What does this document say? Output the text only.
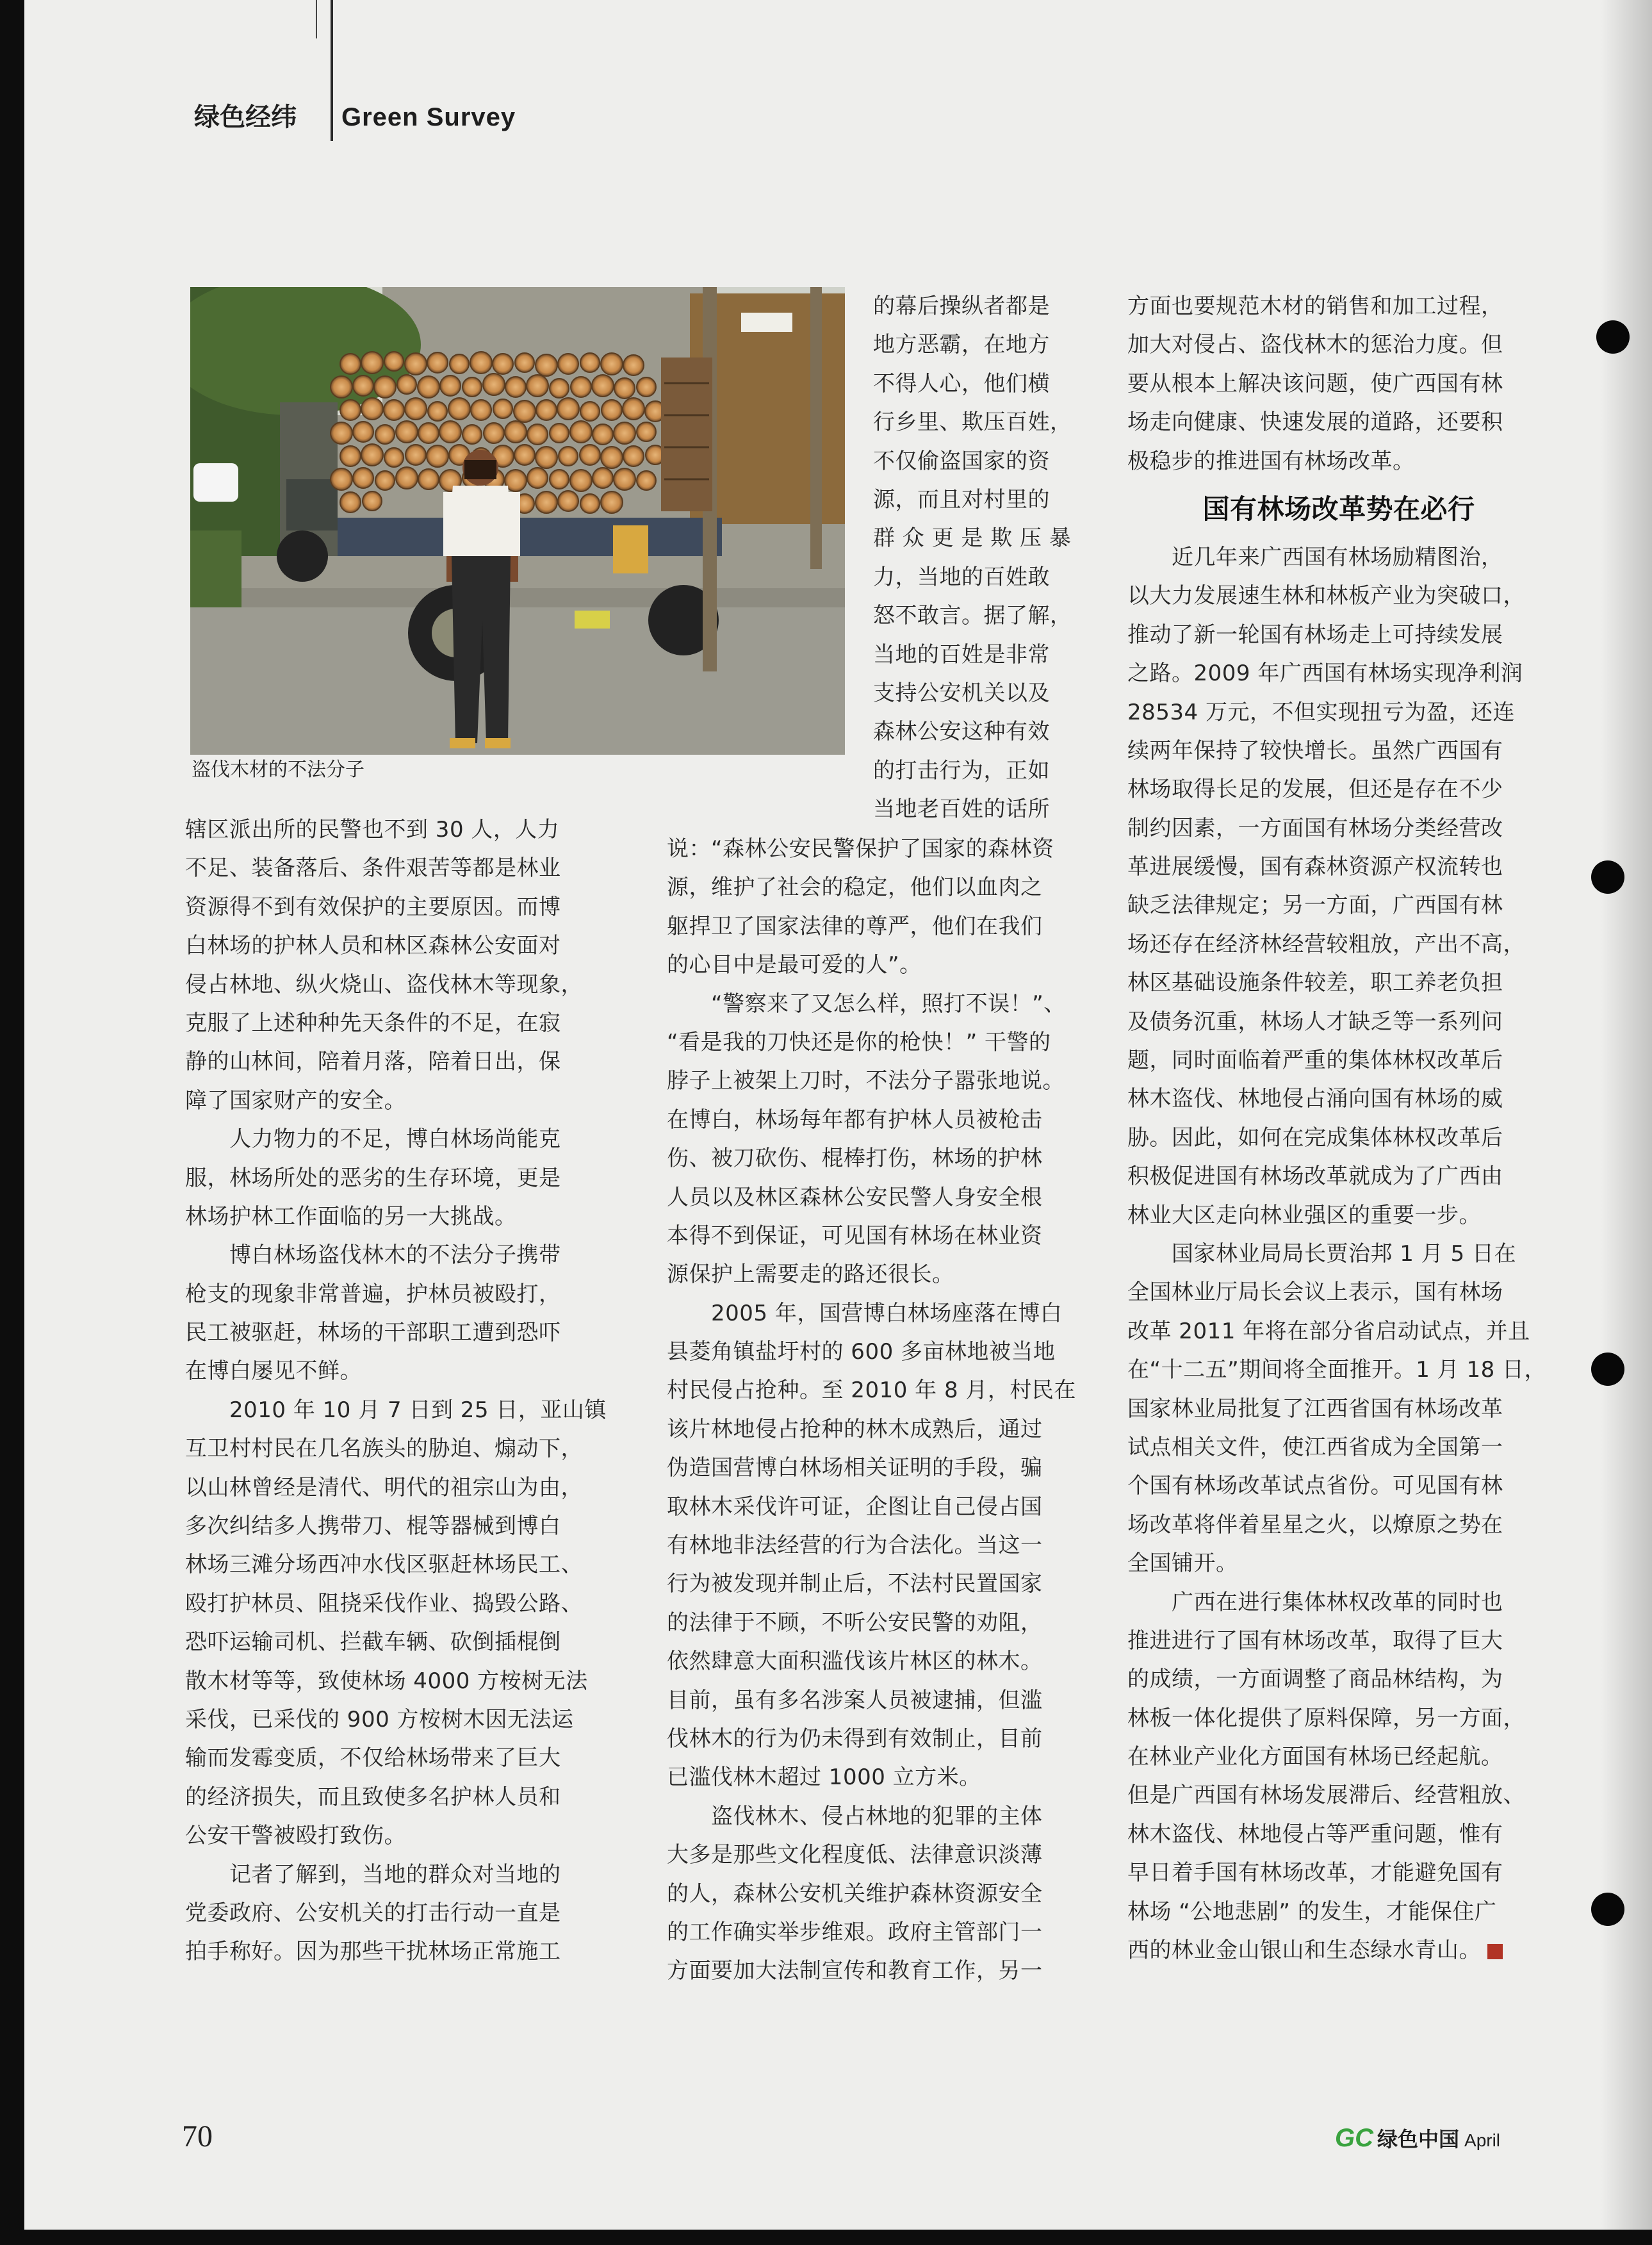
绿色经纬 Green Survey
盗伐木材的不法分子
辖区派出所的民警也不到 30 人，人力
不足、装备落后、条件艰苦等都是林业
资源得不到有效保护的主要原因。而博
白林场的护林人员和林区森林公安面对
侵占林地、纵火烧山、盗伐林木等现象，
克服了上述种种先天条件的不足，在寂
静的山林间，陪着月落，陪着日出，保
障了国家财产的安全。
　　人力物力的不足，博白林场尚能克
服，林场所处的恶劣的生存环境，更是
林场护林工作面临的另一大挑战。
　　博白林场盗伐林木的不法分子携带
枪支的现象非常普遍，护林员被殴打，
民工被驱赶，林场的干部职工遭到恐吓
在博白屡见不鲜。
　　2010 年 10 月 7 日到 25 日，亚山镇
互卫村村民在几名族头的胁迫、煽动下，
以山林曾经是清代、明代的祖宗山为由，
多次纠结多人携带刀、棍等器械到博白
林场三滩分场西冲水伐区驱赶林场民工、
殴打护林员、阻挠采伐作业、捣毁公路、
恐吓运输司机、拦截车辆、砍倒插棍倒
散木材等等，致使林场 4000 方桉树无法
采伐，已采伐的 900 方桉树木因无法运
输而发霉变质，不仅给林场带来了巨大
的经济损失，而且致使多名护林人员和
公安干警被殴打致伤。
　　记者了解到，当地的群众对当地的
党委政府、公安机关的打击行动一直是
拍手称好。因为那些干扰林场正常施工
的幕后操纵者都是
地方恶霸，在地方
不得人心，他们横
行乡里、欺压百姓，
不仅偷盗国家的资
源，而且对村里的
群 众 更 是 欺 压 暴
力，当地的百姓敢
怒不敢言。据了解，
当地的百姓是非常
支持公安机关以及
森林公安这种有效
的打击行为，正如
当地老百姓的话所
说：“森林公安民警保护了国家的森林资
源，维护了社会的稳定，他们以血肉之
躯捍卫了国家法律的尊严，他们在我们
的心目中是最可爱的人”。
　　“警察来了又怎么样，照打不误！”、
“看是我的刀快还是你的枪快！” 干警的
脖子上被架上刀时，不法分子嚣张地说。
在博白，林场每年都有护林人员被枪击
伤、被刀砍伤、棍棒打伤，林场的护林
人员以及林区森林公安民警人身安全根
本得不到保证，可见国有林场在林业资
源保护上需要走的路还很长。
　　2005 年，国营博白林场座落在博白
县菱角镇盐圩村的 600 多亩林地被当地
村民侵占抢种。至 2010 年 8 月，村民在
该片林地侵占抢种的林木成熟后，通过
伪造国营博白林场相关证明的手段，骗
取林木采伐许可证，企图让自己侵占国
有林地非法经营的行为合法化。当这一
行为被发现并制止后，不法村民置国家
的法律于不顾，不听公安民警的劝阻，
依然肆意大面积滥伐该片林区的林木。
目前，虽有多名涉案人员被逮捕，但滥
伐林木的行为仍未得到有效制止，目前
已滥伐林木超过 1000 立方米。
　　盗伐林木、侵占林地的犯罪的主体
大多是那些文化程度低、法律意识淡薄
的人，森林公安机关维护森林资源安全
的工作确实举步维艰。政府主管部门一
方面要加大法制宣传和教育工作，另一
方面也要规范木材的销售和加工过程，
加大对侵占、盗伐林木的惩治力度。但
要从根本上解决该问题，使广西国有林
场走向健康、快速发展的道路，还要积
极稳步的推进国有林场改革。
国有林场改革势在必行
　　近几年来广西国有林场励精图治，
以大力发展速生林和林板产业为突破口，
推动了新一轮国有林场走上可持续发展
之路。2009 年广西国有林场实现净利润
28534 万元，不但实现扭亏为盈，还连
续两年保持了较快增长。虽然广西国有
林场取得长足的发展，但还是存在不少
制约因素，一方面国有林场分类经营改
革进展缓慢，国有森林资源产权流转也
缺乏法律规定；另一方面，广西国有林
场还存在经济林经营较粗放，产出不高，
林区基础设施条件较差，职工养老负担
及债务沉重，林场人才缺乏等一系列问
题，同时面临着严重的集体林权改革后
林木盗伐、林地侵占涌向国有林场的威
胁。因此，如何在完成集体林权改革后
积极促进国有林场改革就成为了广西由
林业大区走向林业强区的重要一步。
　　国家林业局局长贾治邦 1 月 5 日在
全国林业厅局长会议上表示，国有林场
改革 2011 年将在部分省启动试点，并且
在“十二五”期间将全面推开。1 月 18 日，
国家林业局批复了江西省国有林场改革
试点相关文件，使江西省成为全国第一
个国有林场改革试点省份。可见国有林
场改革将伴着星星之火，以燎原之势在
全国铺开。
　　广西在进行集体林权改革的同时也
推进进行了国有林场改革，取得了巨大
的成绩，一方面调整了商品林结构，为
林板一体化提供了原料保障，另一方面，
在林业产业化方面国有林场已经起航。
但是广西国有林场发展滞后、经营粗放、
林木盗伐、林地侵占等严重问题，惟有
早日着手国有林场改革，才能避免国有
林场 “公地悲剧” 的发生，才能保住广
西的林业金山银山和生态绿水青山。
70	GC 绿色中国 April
